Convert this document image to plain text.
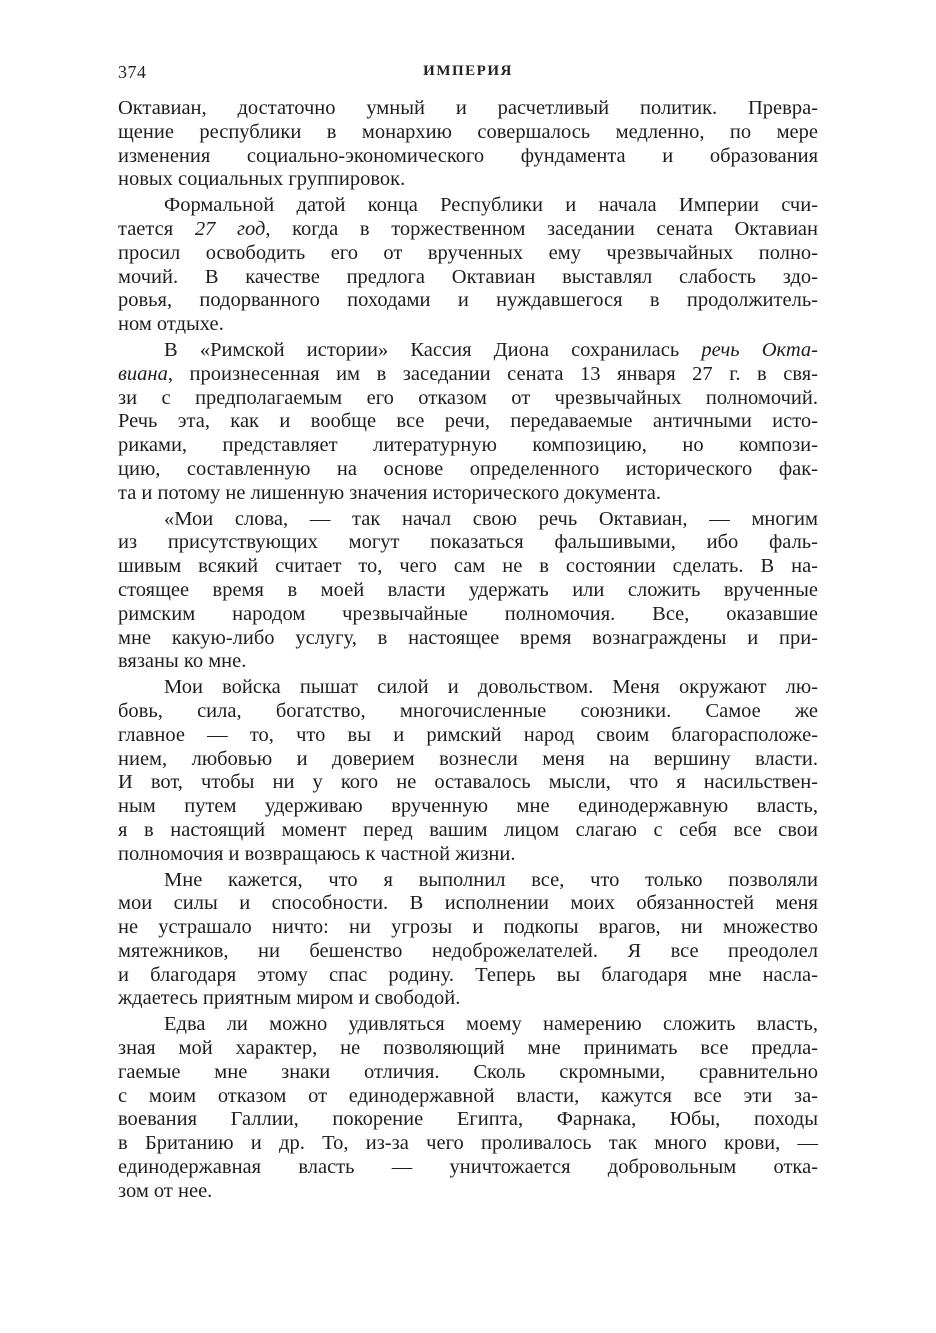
374	ИМПЕРИЯ
Октавиан, достаточно умный и расчетливый политик. Превра-
щение республики в монархию совершалось медленно, по мере
изменения социально-экономического фундамента и образования
новых социальных группировок.
Формальной датой конца Республики и начала Империи счи-
тается 27 год, когда в торжественном заседании сената Октавиан
просил освободить его от врученных ему чрезвычайных полно-
мочий. В качестве предлога Октавиан выставлял слабость здо-
ровья, подорванного походами и нуждавшегося в продолжитель-
ном отдыхе.
В «Римской истории» Кассия Диона сохранилась речь Окта-
виана, произнесенная им в заседании сената 13 января 27 г. в свя-
зи с предполагаемым его отказом от чрезвычайных полномочий.
Речь эта, как и вообще все речи, передаваемые античными исто-
риками, представляет литературную композицию, но компози-
цию, составленную на основе определенного исторического фак-
та и потому не лишенную значения исторического документа.
«Мои слова, — так начал свою речь Октавиан, — многим
из присутствующих могут показаться фальшивыми, ибо фаль-
шивым всякий считает то, чего сам не в состоянии сделать. В на-
стоящее время в моей власти удержать или сложить врученные
римским народом чрезвычайные полномочия. Все, оказавшие
мне какую-либо услугу, в настоящее время вознаграждены и при-
вязаны ко мне.
Мои войска пышат силой и довольством. Меня окружают лю-
бовь, сила, богатство, многочисленные союзники. Самое же
главное — то, что вы и римский народ своим благорасположе-
нием, любовью и доверием вознесли меня на вершину власти.
И вот, чтобы ни у кого не оставалось мысли, что я насильствен-
ным путем удерживаю врученную мне единодержавную власть,
я в настоящий момент перед вашим лицом слагаю с себя все свои
полномочия и возвращаюсь к частной жизни.
Мне кажется, что я выполнил все, что только позволяли
мои силы и способности. В исполнении моих обязанностей меня
не устрашало ничто: ни угрозы и подкопы врагов, ни множество
мятежников, ни бешенство недоброжелателей. Я все преодолел
и благодаря этому спас родину. Теперь вы благодаря мне насла-
ждаетесь приятным миром и свободой.
Едва ли можно удивляться моему намерению сложить власть,
зная мой характер, не позволяющий мне принимать все предла-
гаемые мне знаки отличия. Сколь скромными, сравнительно
с моим отказом от единодержавной власти, кажутся все эти за-
воевания Галлии, покорение Египта, Фарнака, Юбы, походы
в Британию и др. То, из-за чего проливалось так много крови, —
единодержавная власть — уничтожается добровольным отка-
зом от нее.
